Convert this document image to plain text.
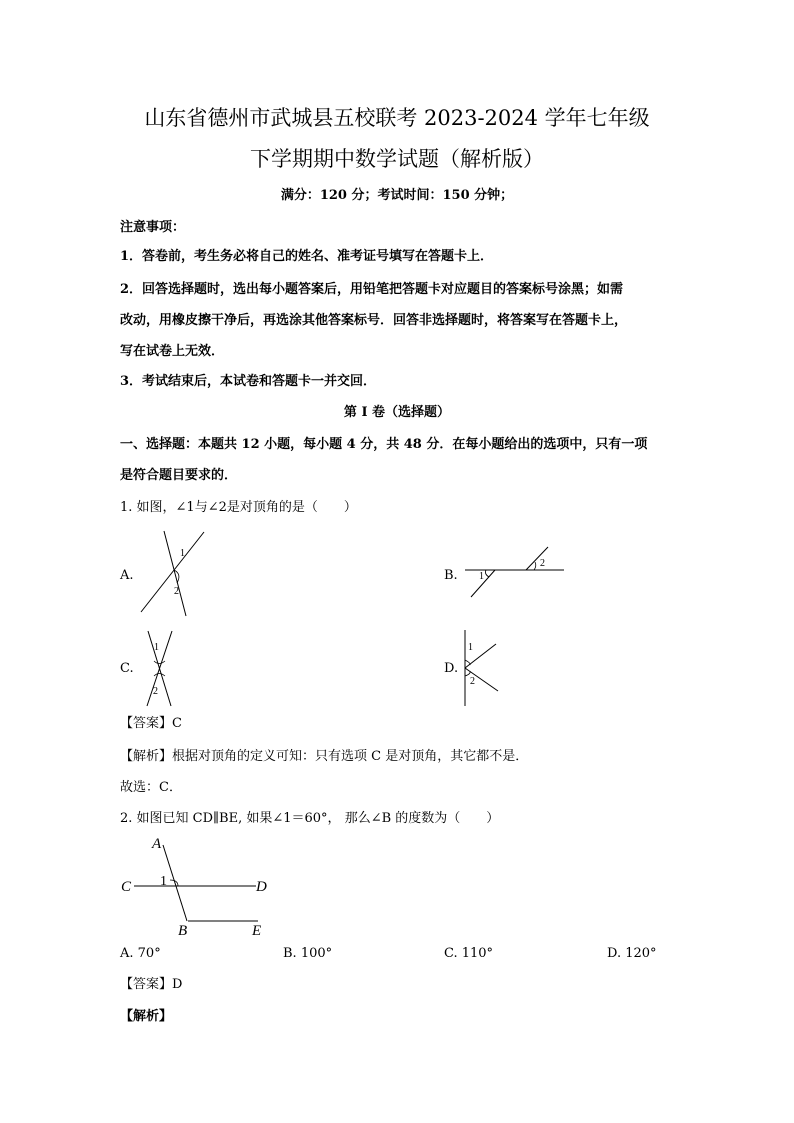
山东省德州市武城县五校联考 2023-2024 学年七年级
下学期期中数学试题（解析版）
满分：120 分；考试时间：150 分钟；
注意事项：
1．答卷前，考生务必将自己的姓名、准考证号填写在答题卡上．
2．回答选择题时，选出每小题答案后，用铅笔把答题卡对应题目的答案标号涂黑；如需
改动，用橡皮擦干净后，再选涂其他答案标号．回答非选择题时，将答案写在答题卡上，
写在试卷上无效．
3．考试结束后，本试卷和答题卡一并交回．
第 I 卷（选择题）
一、选择题：本题共 12 小题，每小题 4 分，共 48 分．在每小题给出的选项中，只有一项
是符合题目要求的．
1. 如图，∠1与∠2是对顶角的是（　　）
A.
1
2
B. 1
2
C.
1
2
D.
1
2
【答案】C
【解析】根据对顶角的定义可知：只有选项 C 是对顶角，其它都不是．
故选：C．
2. 如图已知 CD∥BE, 如果∠1＝60°， 那么∠B 的度数为（　　）
A
C	D
B	E
1
A. 70°	B. 100°	C. 110°	D. 120°
【答案】D
【解析】
